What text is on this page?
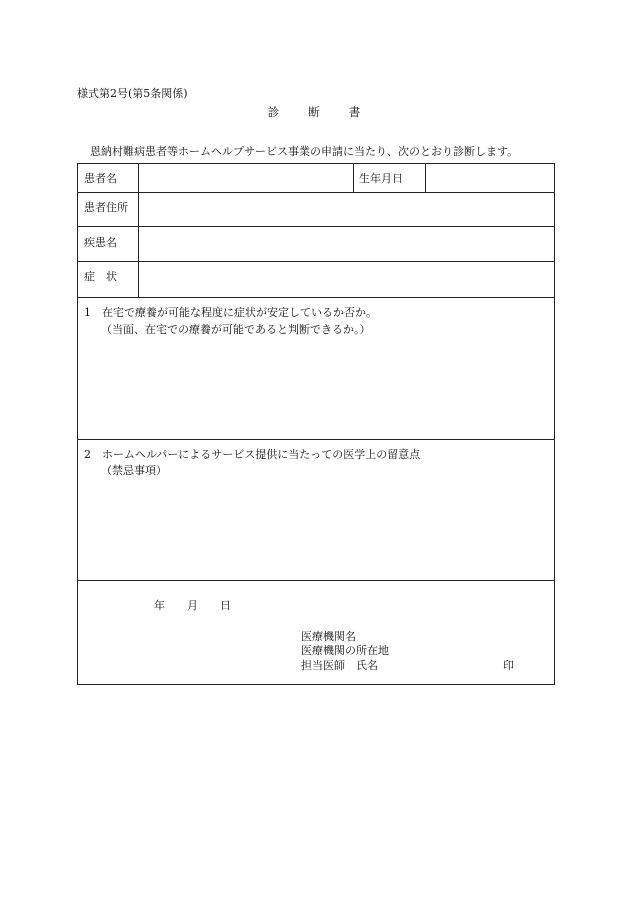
様式第2号(第5条関係)
診　　断　　書
恩納村難病患者等ホームヘルプサービス事業の申請に当たり、次のとおり診断します。
患者名	生年月日
患者住所
疾患名
症　状
1　在宅で療養が可能な程度に症状が安定しているか否か。
（当面、在宅での療養が可能であると判断できるか。）
2　ホームヘルパーによるサービス提供に当たっての医学上の留意点
（禁忌事項）
年　　月　　日
医療機関名
医療機関の所在地
担当医師　氏名	印
